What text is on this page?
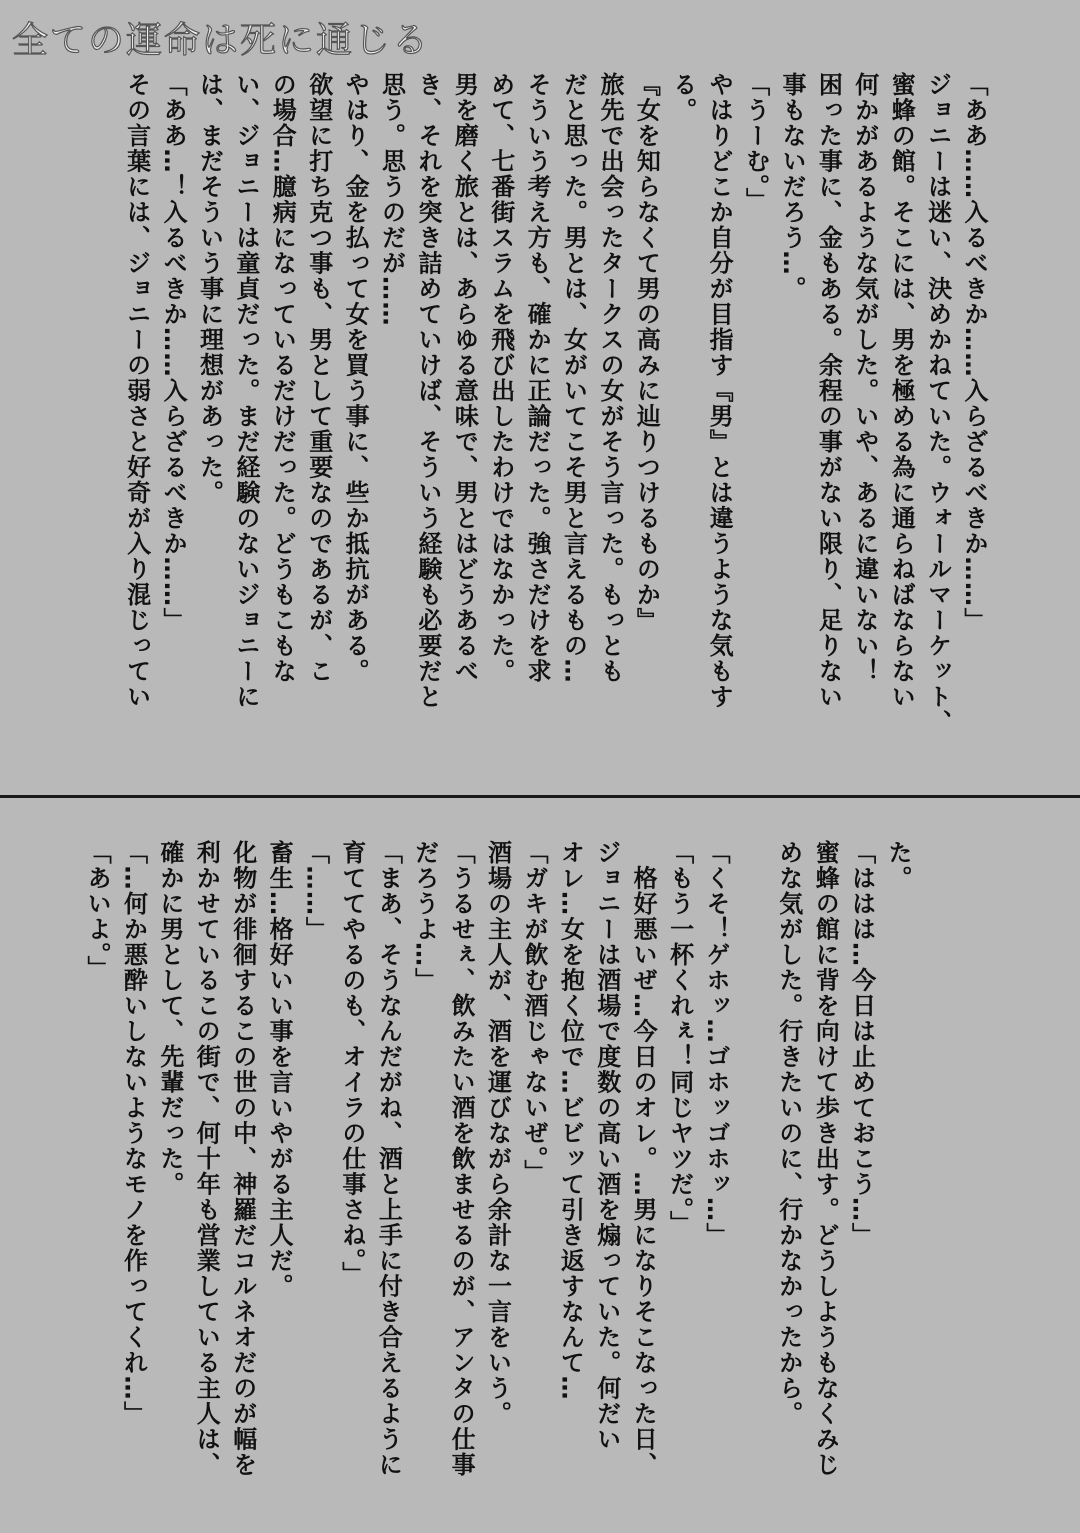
全ての運命は死に通じる
「ああ……入るべきか……入らざるべきか……」
ジョニーは迷い、決めかねていた。ウォールマーケット、
蜜蜂の館。そこには、男を極める為に通らねばならない
何かがあるような気がした。いや、あるに違いない！
困った事に、金もある。余程の事がない限り、足りない
事もないだろう…。
「うーむ。」
やはりどこか自分が目指す『男』とは違うような気もす
る。
『女を知らなくて男の高みに辿りつけるものか』
旅先で出会ったタークスの女がそう言った。もっとも
だと思った。男とは、女がいてこそ男と言えるもの…
そういう考え方も、確かに正論だった。強さだけを求
めて、七番街スラムを飛び出したわけではなかった。
男を磨く旅とは、あらゆる意味で、男とはどうあるべ
き、それを突き詰めていけば、そういう経験も必要だと
思う。思うのだが……
やはり、金を払って女を買う事に、些か抵抗がある。
欲望に打ち克つ事も、男として重要なのであるが、こ
の場合…臆病になっているだけだった。どうもこもな
い、ジョニーは童貞だった。まだ経験のないジョニーに
は、まだそういう事に理想があった。
「ああ…！入るべきか……入らざるべきか……」
その言葉には、ジョニーの弱さと好奇が入り混じってい
た。
「ははは…今日は止めておこう…」
蜜蜂の館に背を向けて歩き出す。どうしようもなくみじ
めな気がした。行きたいのに、行かなかったから。

「くそ！ゲホッ…ゴホッゴホッ…」
「もう一杯くれぇ！同じヤツだ。」
　格好悪いぜ…今日のオレ。…男になりそこなった日、
ジョニーは酒場で度数の高い酒を煽っていた。何だい
オレ…女を抱く位で…ビビッて引き返すなんて…
「ガキが飲む酒じゃないぜ。」
酒場の主人が、酒を運びながら余計な一言をいう。
「うるせぇ、飲みたい酒を飲ませるのが、アンタの仕事
だろうよ…」
「まあ、そうなんだがね、酒と上手に付き合えるように
育ててやるのも、オイラの仕事さね。」
「……」
畜生…格好いい事を言いやがる主人だ。
化物が徘徊するこの世の中、神羅だコルネオだのが幅を
利かせているこの街で、何十年も営業している主人は、
確かに男として、先輩だった。
「…何か悪酔いしないようなモノを作ってくれ…」
「あいよ。」
